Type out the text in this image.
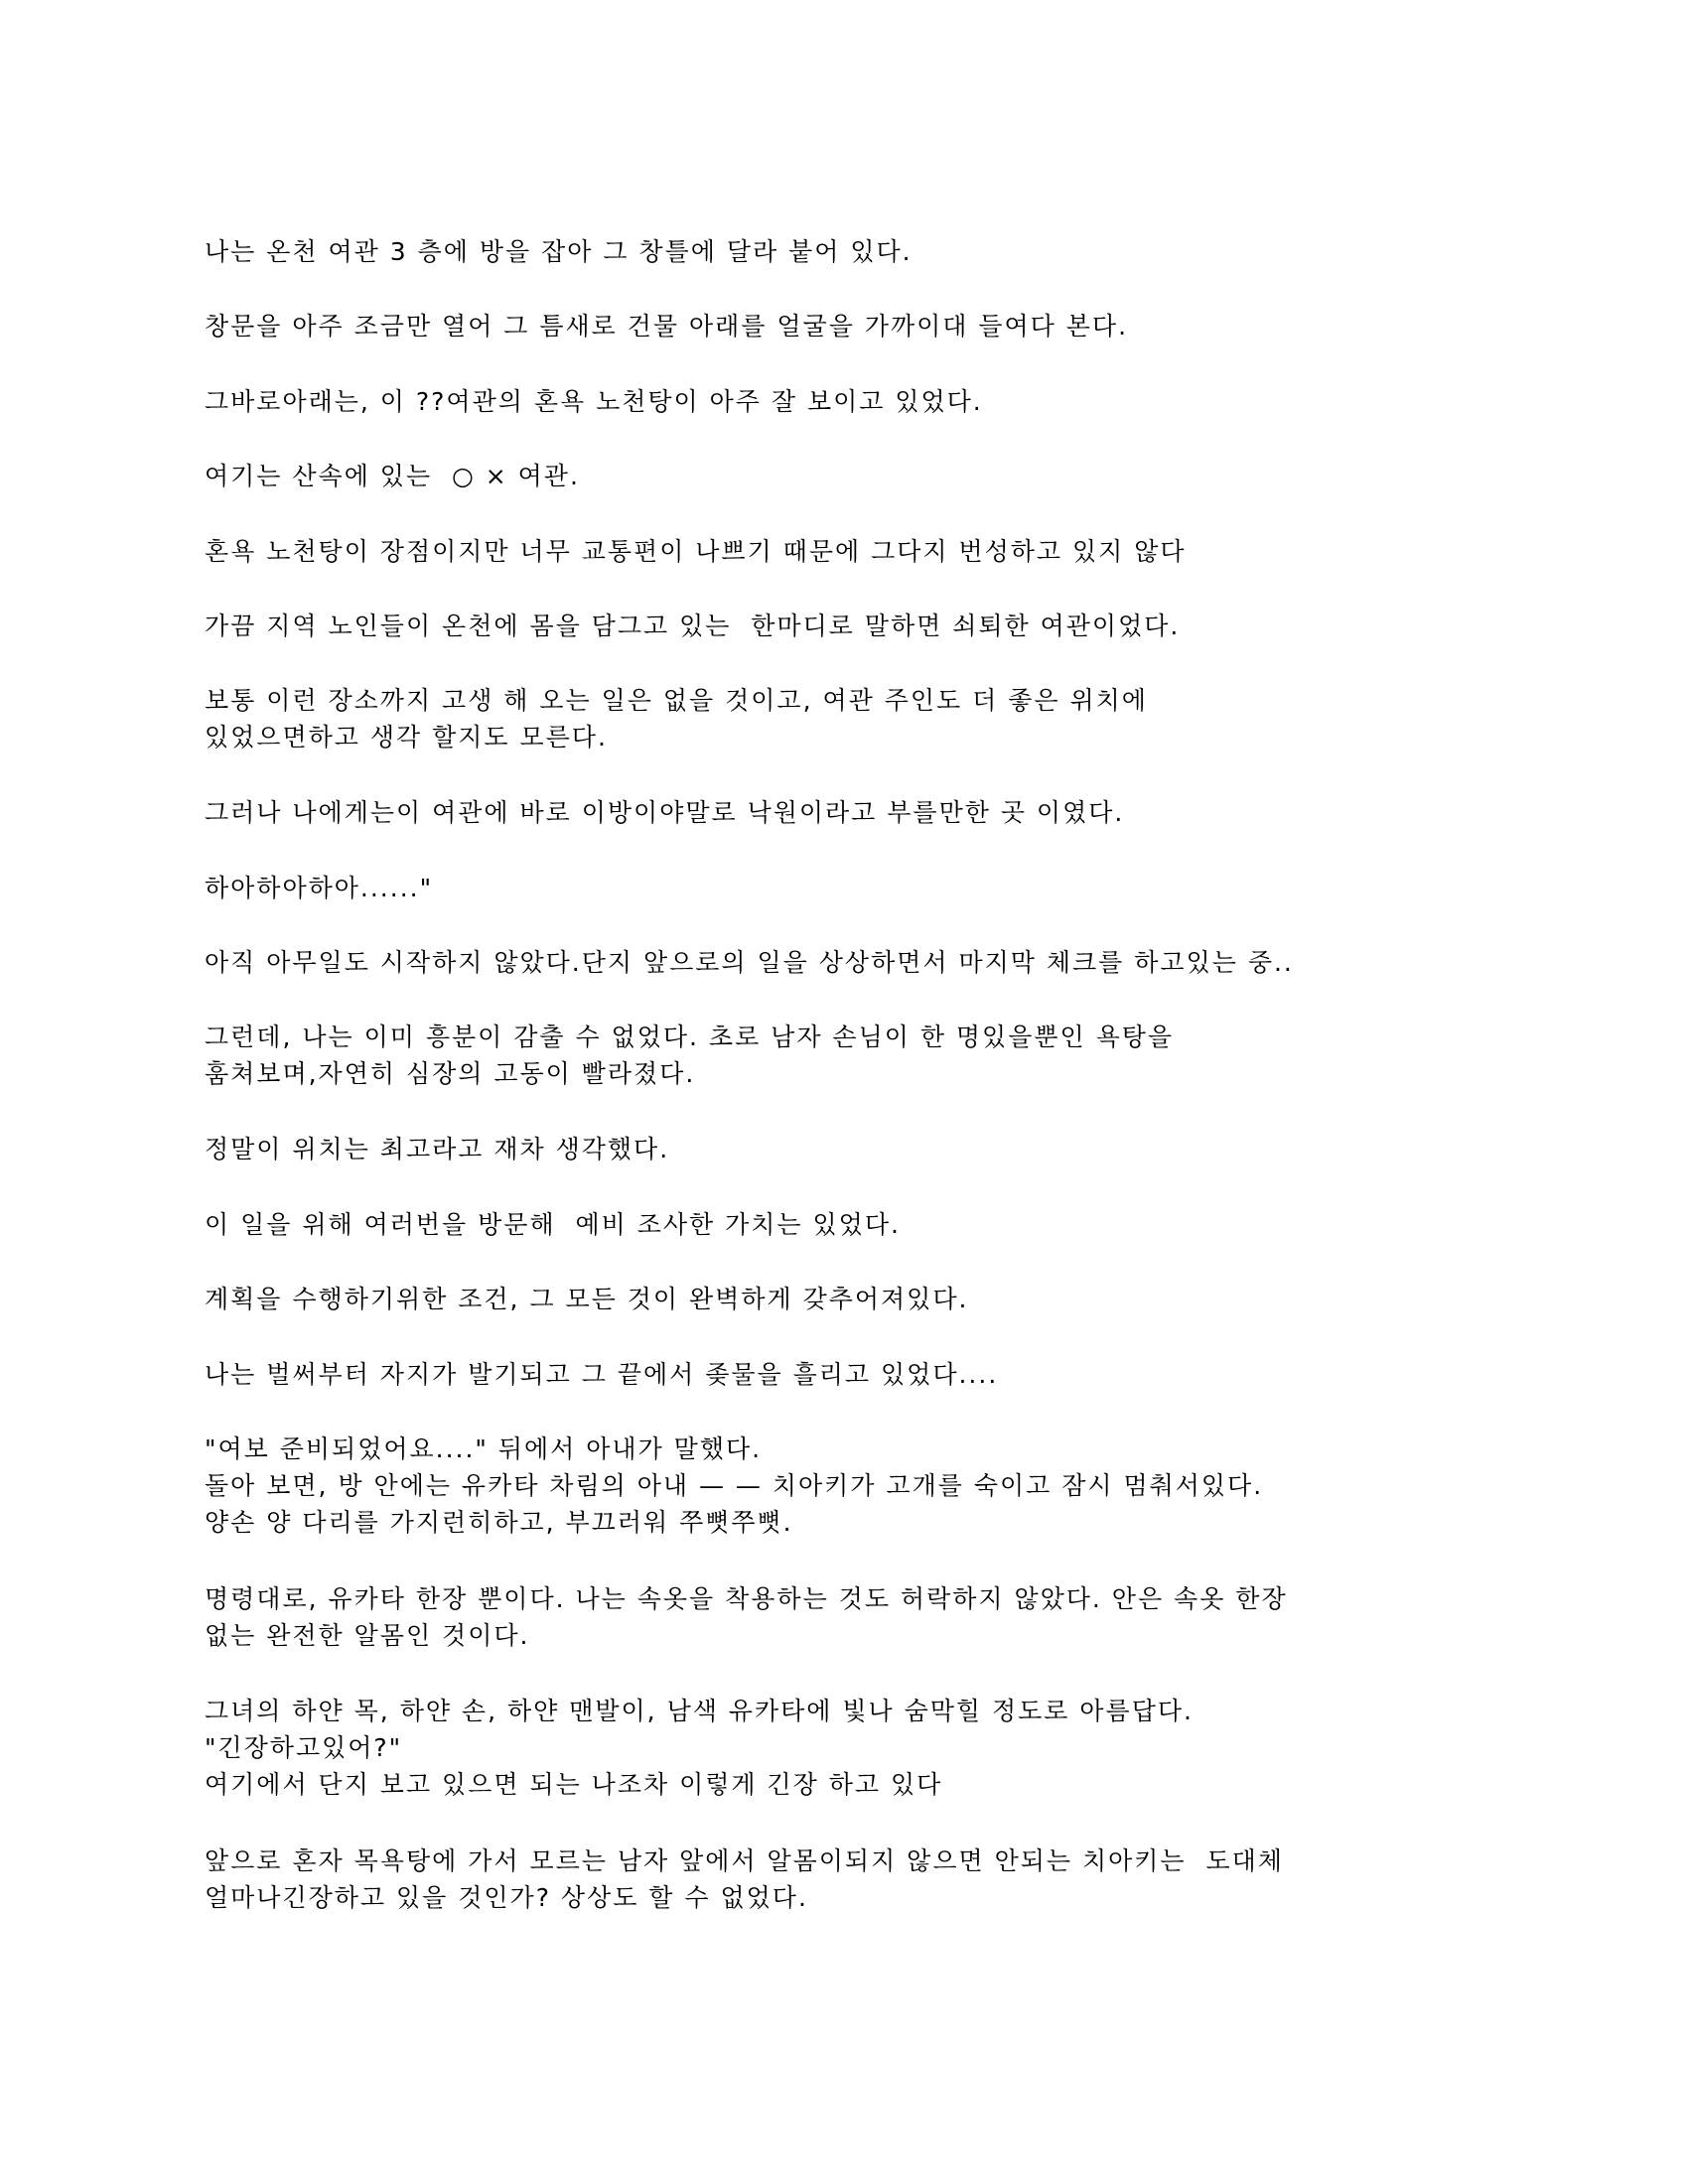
나는 온천 여관 3 층에 방을 잡아 그 창틀에 달라 붙어 있다.

창문을 아주 조금만 열어 그 틈새로 건물 아래를 얼굴을 가까이대 들여다 본다.

그바로아래는, 이 ??여관의 혼욕 노천탕이 아주 잘 보이고 있었다.

여기는 산속에 있는  ○ × 여관.

혼욕 노천탕이 장점이지만 너무 교통편이 나쁘기 때문에 그다지 번성하고 있지 않다

가끔 지역 노인들이 온천에 몸을 담그고 있는  한마디로 말하면 쇠퇴한 여관이었다.

보통 이런 장소까지 고생 해 오는 일은 없을 것이고, 여관 주인도 더 좋은 위치에
있었으면하고 생각 할지도 모른다.

그러나 나에게는이 여관에 바로 이방이야말로 낙원이라고 부를만한 곳 이였다.

하아하아하아......"

아직 아무일도 시작하지 않았다.단지 앞으로의 일을 상상하면서 마지막 체크를 하고있는 중..

그런데, 나는 이미 흥분이 감출 수 없었다. 초로 남자 손님이 한 명있을뿐인 욕탕을
훔쳐보며,자연히 심장의 고동이 빨라졌다.

정말이 위치는 최고라고 재차 생각했다.

이 일을 위해 여러번을 방문해  예비 조사한 가치는 있었다.

계획을 수행하기위한 조건, 그 모든 것이 완벽하게 갖추어져있다.

나는 벌써부터 자지가 발기되고 그 끝에서 좆물을 흘리고 있었다....

"여보 준비되었어요...." 뒤에서 아내가 말했다.
돌아 보면, 방 안에는 유카타 차림의 아내 — — 치아키가 고개를 숙이고 잠시 멈춰서있다.
양손 양 다리를 가지런히하고, 부끄러워 쭈뼛쭈뼛.

명령대로, 유카타 한장 뿐이다. 나는 속옷을 착용하는 것도 허락하지 않았다. 안은 속옷 한장
없는 완전한 알몸인 것이다.

그녀의 하얀 목, 하얀 손, 하얀 맨발이, 남색 유카타에 빛나 숨막힐 정도로 아름답다.
"긴장하고있어?"
여기에서 단지 보고 있으면 되는 나조차 이렇게 긴장 하고 있다

앞으로 혼자 목욕탕에 가서 모르는 남자 앞에서 알몸이되지 않으면 안되는 치아키는  도대체
얼마나긴장하고 있을 것인가? 상상도 할 수 없었다.
